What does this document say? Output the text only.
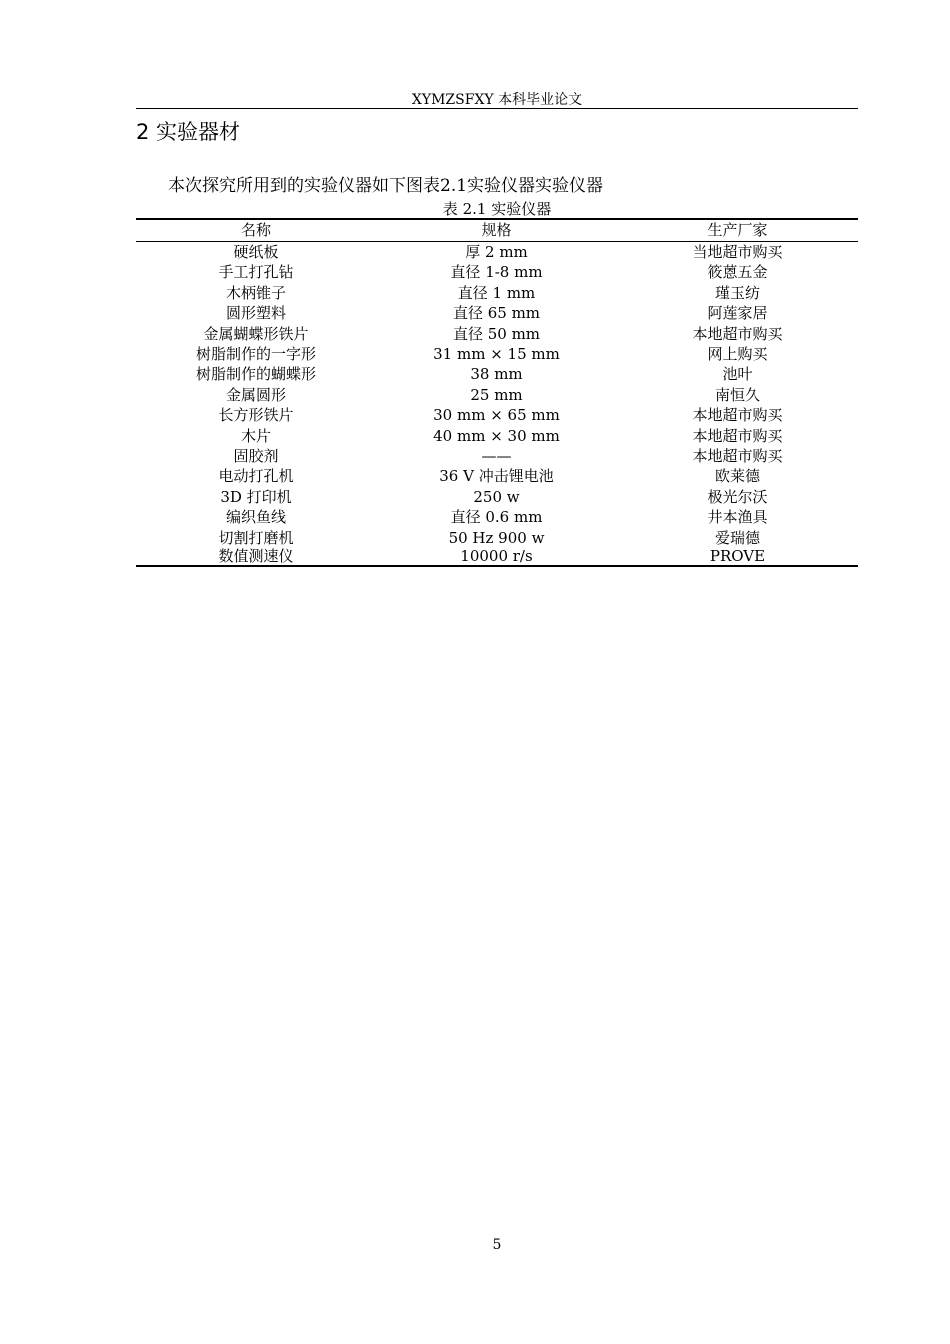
XYMZSFXY 本科毕业论文
2 实验器材
本次探究所用到的实验仪器如下图表2.1实验仪器实验仪器
表 2.1 实验仪器
名称	规格	生产厂家
硬纸板	厚 2 mm	当地超市购买
手工打孔钻	直径 1-8 mm	筱蒽五金
木柄锥子	直径 1 mm	瑾玉纺
圆形塑料	直径 65 mm	阿莲家居
金属蝴蝶形铁片	直径 50 mm	本地超市购买
树脂制作的一字形	31 mm × 15 mm	网上购买
树脂制作的蝴蝶形	38 mm	池叶
金属圆形	25 mm	南恒久
长方形铁片	30 mm × 65 mm	本地超市购买
木片	40 mm × 30 mm	本地超市购买
固胶剂	——	本地超市购买
电动打孔机	36 V 冲击锂电池	欧莱德
3D 打印机	250 w	极光尔沃
编织鱼线	直径 0.6 mm	井本渔具
切割打磨机	50 Hz 900 w	爱瑞德
数值测速仪	10000 r/s	PROVE
5
